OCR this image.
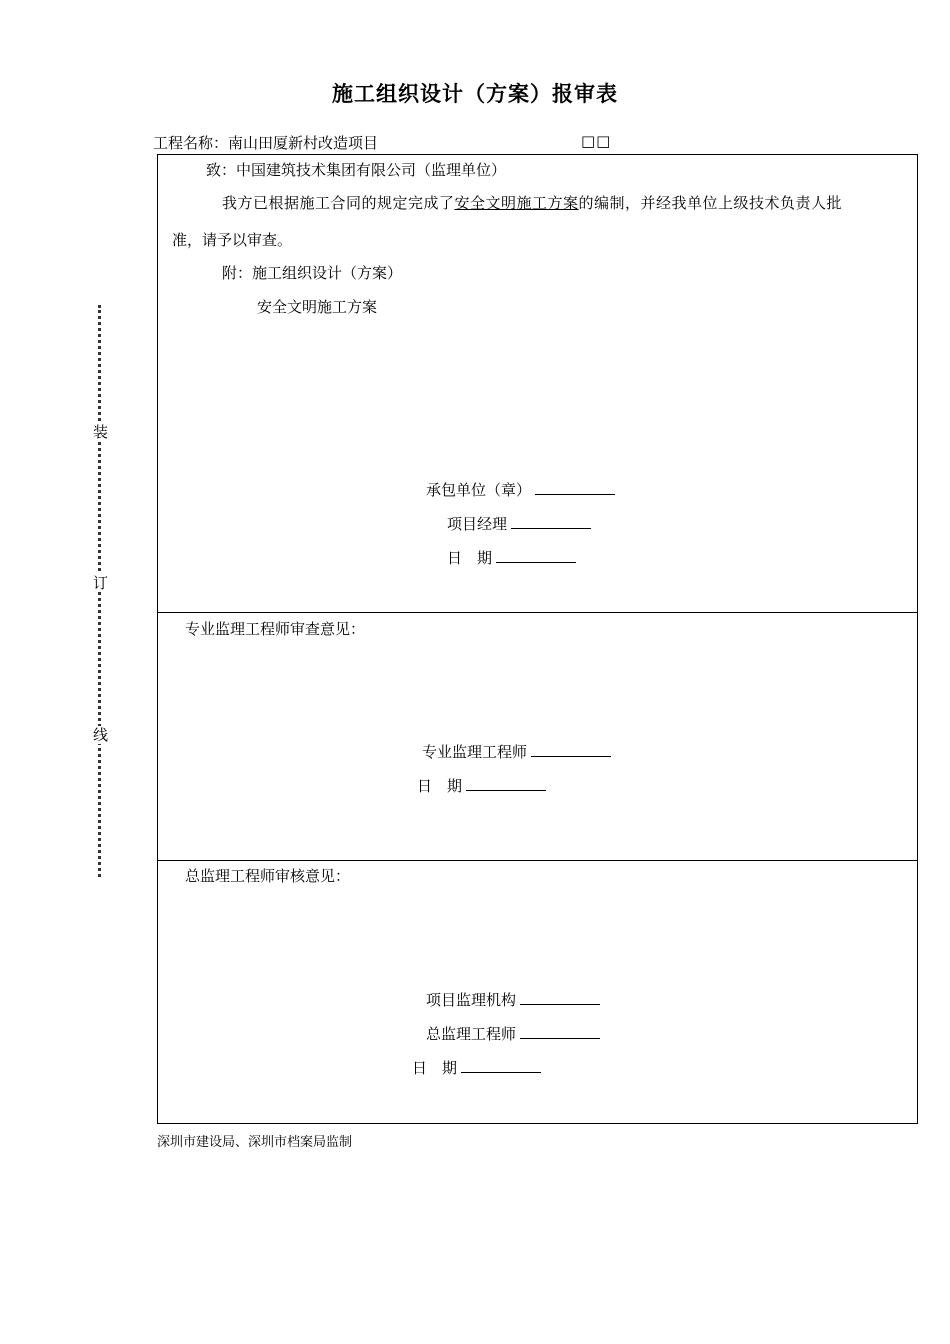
施工组织设计（方案）报审表
工程名称：南山田厦新村改造项目	□□
装
订
线
致：中国建筑技术集团有限公司（监理单位）
我方已根据施工合同的规定完成了安全文明施工方案的编制，并经我单位上级技术负责人批
准，请予以审查。
附：施工组织设计（方案）
安全文明施工方案
承包单位（章）
项目经理
日　期
专业监理工程师审查意见：
专业监理工程师
日　期
总监理工程师审核意见：
项目监理机构
总监理工程师
日　期
深圳市建设局、深圳市档案局监制
